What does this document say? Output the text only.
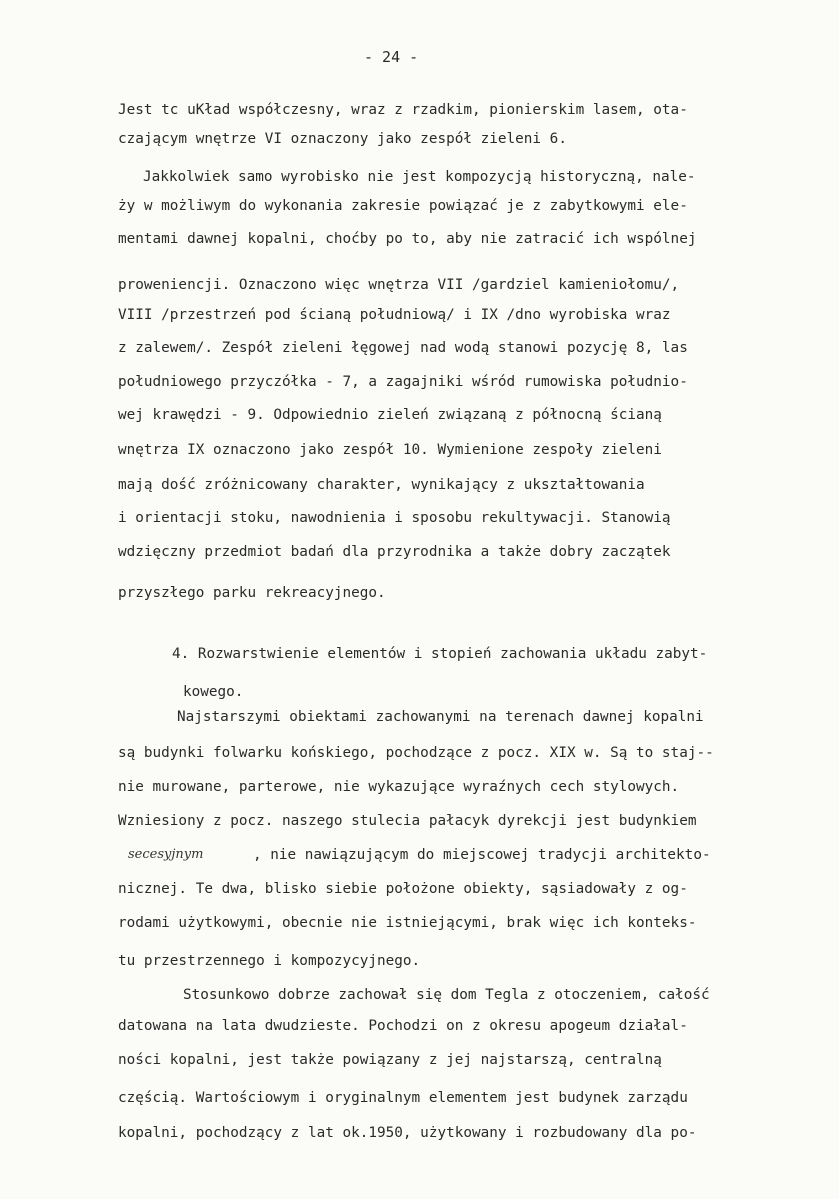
- 24 -
Jest tc uKład współczesny, wraz z rzadkim, pionierskim lasem, ota-
czającym wnętrze VI oznaczony jako zespół zieleni 6.
Jakkolwiek samo wyrobisko nie jest kompozycją historyczną, nale-
ży w możliwym do wykonania zakresie powiązać je z zabytkowymi ele-
mentami dawnej kopalni, choćby po to, aby nie zatracić ich wspólnej
proweniencji. Oznaczono więc wnętrza VII /gardziel kamieniołomu/,
VIII /przestrzeń pod ścianą południową/ i IX /dno wyrobiska wraz
z zalewem/. Zespół zieleni łęgowej nad wodą stanowi pozycję 8, las
południowego przyczółka - 7, a zagajniki wśród rumowiska południo-
wej krawędzi - 9. Odpowiednio zieleń związaną z północną ścianą
wnętrza IX oznaczono jako zespół 10. Wymienione zespoły zieleni
mają dość zróżnicowany charakter, wynikający z ukształtowania
i orientacji stoku, nawodnienia i sposobu rekultywacji. Stanowią
wdzięczny przedmiot badań dla przyrodnika a także dobry zaczątek
przyszłego parku rekreacyjnego.
4. Rozwarstwienie elementów i stopień zachowania układu zabyt-
kowego.
Najstarszymi obiektami zachowanymi na terenach dawnej kopalni
są budynki folwarku końskiego, pochodzące z pocz. XIX w. Są to staj--
nie murowane, parterowe, nie wykazujące wyraźnych cech stylowych.
Wzniesiony z pocz. naszego stulecia pałacyk dyrekcji jest budynkiem
secesyjnym	, nie nawiązującym do miejscowej tradycji architekto-
nicznej. Te dwa, blisko siebie położone obiekty, sąsiadowały z og-
rodami użytkowymi, obecnie nie istniejącymi, brak więc ich konteks-
tu przestrzennego i kompozycyjnego.
Stosunkowo dobrze zachował się dom Tegla z otoczeniem, całość
datowana na lata dwudzieste. Pochodzi on z okresu apogeum działal-
ności kopalni, jest także powiązany z jej najstarszą, centralną
częścią. Wartościowym i oryginalnym elementem jest budynek zarządu
kopalni, pochodzący z lat ok.1950, użytkowany i rozbudowany dla po-
